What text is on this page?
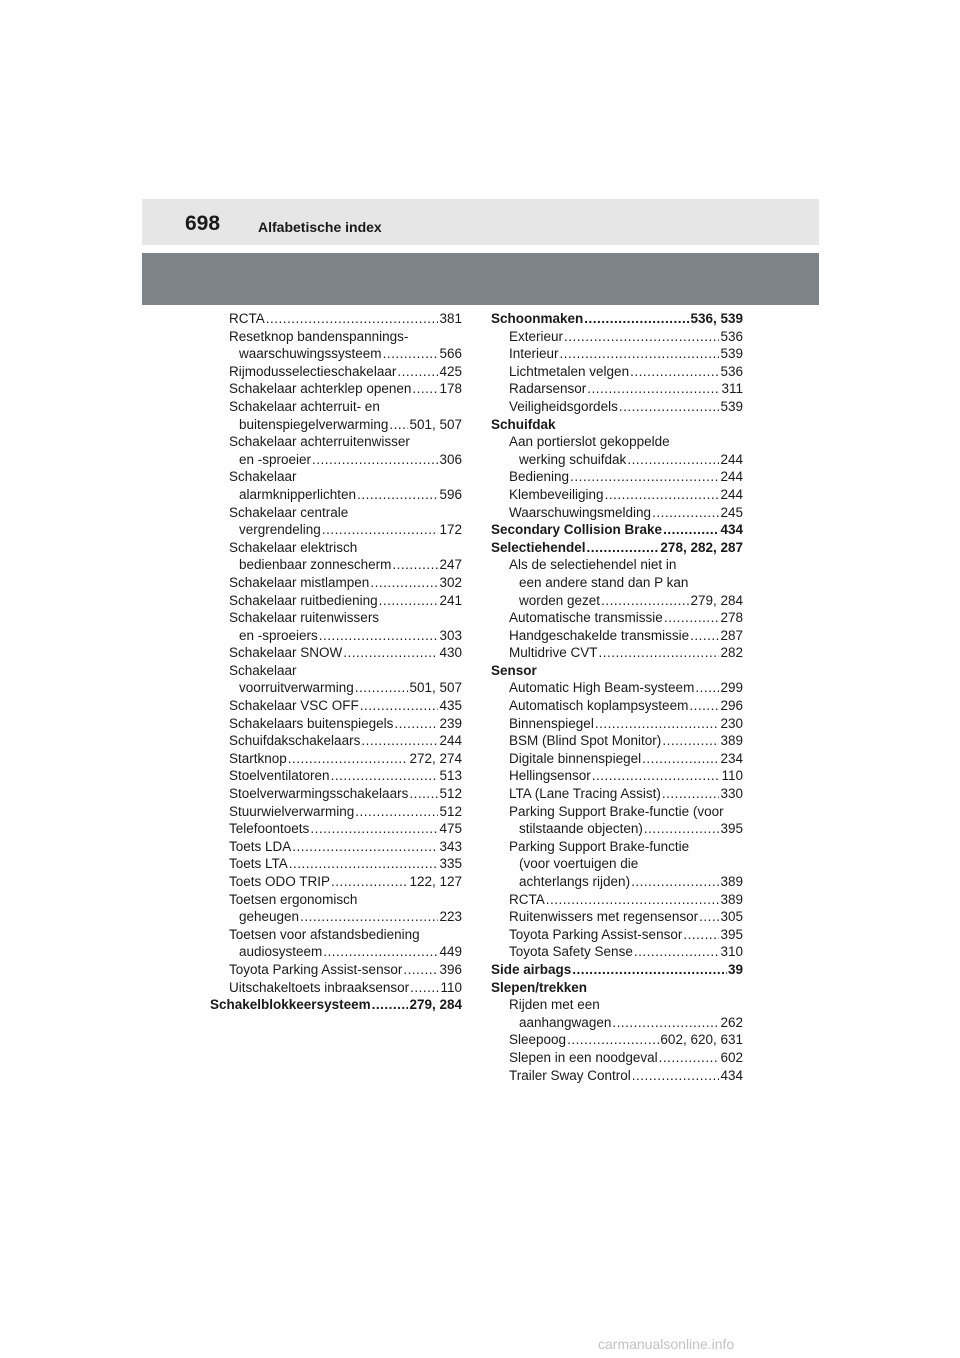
698	Alfabetische index
RCTA .....	381
Resetknop bandenspannings-
waarschuwingssysteem .....	566
Rijmodusselectieschakelaar .....	425
Schakelaar achterklep openen ..... 178
Schakelaar achterruit- en
buitenspiegelverwarming ..... 501, 507
Schakelaar achterruitenwisser
en -sproeier .....	306
Schakelaar
alarmknipperlichten .....	596
Schakelaar centrale
vergrendeling .....	172
Schakelaar elektrisch
bedienbaar zonnescherm .....	247
Schakelaar mistlampen .....	302
Schakelaar ruitbediening .....	241
Schakelaar ruitenwissers
en -sproeiers .....	303
Schakelaar SNOW .....	430
Schakelaar
voorruitverwarming .....	501, 507
Schakelaar VSC OFF .....	435
Schakelaars buitenspiegels .....	239
Schuifdakschakelaars .....	244
Startknop .....	272, 274
Stoelventilatoren .....	513
Stoelverwarmingsschakelaars ..... 512
Stuurwielverwarming .....	512
Telefoontoets .....	475
Toets LDA .....	343
Toets LTA .....	335
Toets ODO TRIP .....	122, 127
Toetsen ergonomisch
geheugen .....	223
Toetsen voor afstandsbediening
audiosysteem .....	449
Toyota Parking Assist-sensor .....	396
Uitschakeltoets inbraaksensor ..... 110
Schakelblokkeersysteem .....	279, 284
Schoonmaken .....	536, 539
Exterieur .....	536
Interieur .....	539
Lichtmetalen velgen .....	536
Radarsensor .....	311
Veiligheidsgordels .....	539
Schuifdak
Aan portierslot gekoppelde
werking schuifdak .....	244
Bediening .....	244
Klembeveiliging .....	244
Waarschuwingsmelding .....	245
Secondary Collision Brake .....	434
Selectiehendel .....	278, 282, 287
Als de selectiehendel niet in
een andere stand dan P kan
worden gezet .....	279, 284
Automatische transmissie .....	278
Handgeschakelde transmissie ..... 287
Multidrive CVT .....	282
Sensor
Automatic High Beam-systeem ..... 299
Automatisch koplampsysteem ..... 296
Binnenspiegel .....	230
BSM (Blind Spot Monitor) .....	389
Digitale binnenspiegel .....	234
Hellingsensor .....	110
LTA (Lane Tracing Assist) .....	330
Parking Support Brake-functie (voor
stilstaande objecten) .....	395
Parking Support Brake-functie
(voor voertuigen die
achterlangs rijden) .....	389
RCTA .....	389
Ruitenwissers met regensensor ..... 305
Toyota Parking Assist-sensor .....	395
Toyota Safety Sense .....	310
Side airbags .....	39
Slepen/trekken
Rijden met een
aanhangwagen .....	262
Sleepoog .....	602, 620, 631
Slepen in een noodgeval .....	602
Trailer Sway Control .....	434
carmanualsonline.info
